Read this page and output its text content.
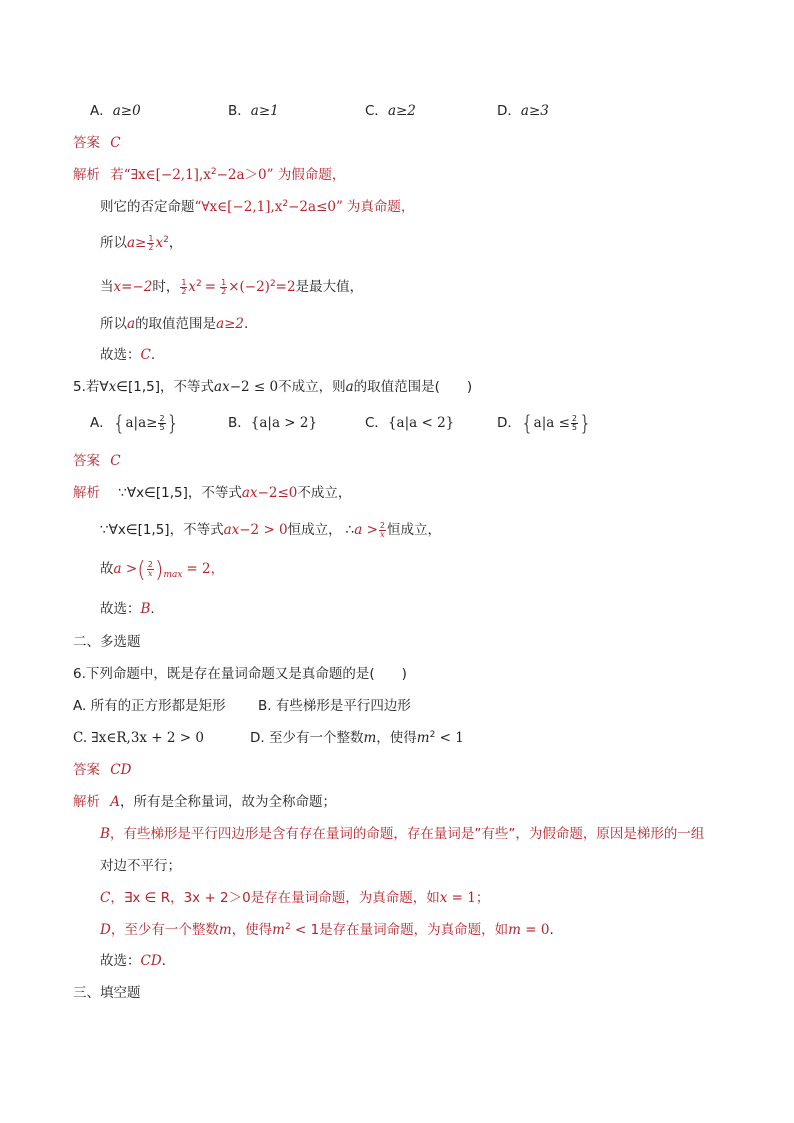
A．a≥0	B．a≥1	C．a≥2	D．a≥3
答案 C
解析 若“$\exists x\in[-2,1],x^2-2a>0$” 为假命题，
则它的否定命题“$\forall x\in[-2,1],x^2-2a\le 0$” 为真命题，
所以$a\ge \frac{1}{2} x^2$，
当x=−2时， $\frac{1}{2} x^2 = \frac{1}{2} \times(-2)^2=2$是最大值，
所以a的取值范围是a≥2.
故选：C.
5.若∀x∈[1,5]，不等式ax−2 ≤ 0不成立，则a的取值范围是(　　)
A．{$a|a\ge \frac{2}{5}$ }	B．{a|a > 2}	C．{a|a < 2}	D．{$a|a \le \frac{2}{5}$ }
答案 C
解析 ∵∀x∈[1,5]，不等式ax−2≤0不成立，
∵∀x∈[1,5]，不等式ax−2 > 0恒成立， ∴a > $\frac{2}{x}$ 恒成立，
故a >( $\frac{2}{x} )_{max} = 2$，
故选：B.
二、多选题
6.下列命题中，既是存在量词命题又是真命题的是(　　)
A. 所有的正方形都是矩形 B. 有些梯形是平行四边形
C. ∃x∈R,3x + 2 > 0	D. 至少有一个整数m，使得$m^2 < 1$
答案 CD
解析 A，所有是全称量词，故为全称命题；
B，有些梯形是平行四边形是含有存在量词的命题，存在量词是”有些”，为假命题，原因是梯形的一组
对边不平行；
C，∃x ∈ R，3x + 2＞0是存在量词命题，为真命题，如x = 1；
D，至少有一个整数m，使得$m^2 < 1$是存在量词命题，为真命题，如m = 0.
故选：CD.
三、填空题
